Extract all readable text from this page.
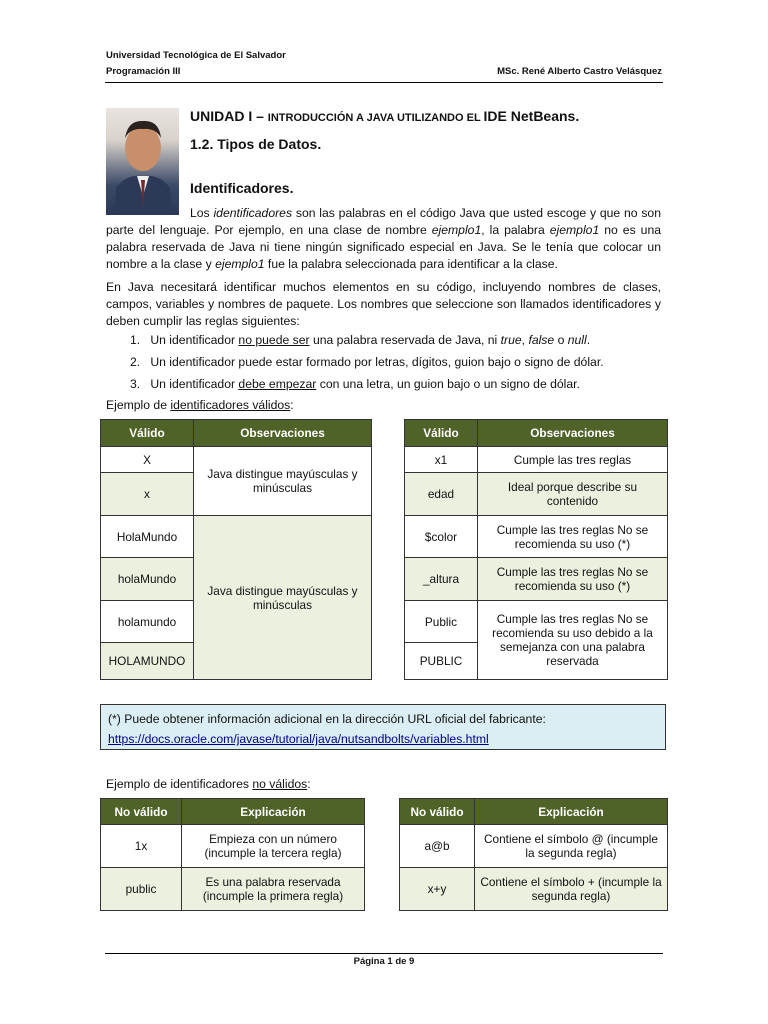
Universidad Tecnológica de El Salvador
Programación III	MSc. René Alberto Castro Velásquez
UNIDAD I – INTRODUCCIÓN A JAVA UTILIZANDO EL IDE NetBeans.
1.2. Tipos de Datos.
Identificadores.
Los identificadores son las palabras en el código Java que usted escoge y que no son parte del lenguaje. Por ejemplo, en una clase de nombre ejemplo1, la palabra ejemplo1 no es una palabra reservada de Java ni tiene ningún significado especial en Java. Se le tenía que colocar un nombre a la clase y ejemplo1 fue la palabra seleccionada para identificar a la clase.
En Java necesitará identificar muchos elementos en su código, incluyendo nombres de clases, campos, variables y nombres de paquete. Los nombres que seleccione son llamados identificadores y deben cumplir las reglas siguientes:
1. Un identificador no puede ser una palabra reservada de Java, ni true, false o null.
2. Un identificador puede estar formado por letras, dígitos, guion bajo o signo de dólar.
3. Un identificador debe empezar con una letra, un guion bajo o un signo de dólar.
Ejemplo de identificadores válidos:
Válido	Observaciones
X	Java distingue mayúsculas y minúsculas
x	
HolaMundo	Java distingue mayúsculas y minúsculas
holaMundo	
holamundo	
HOLAMUNDO	
Válido	Observaciones
x1	Cumple las tres reglas
edad	Ideal porque describe su contenido
$color	Cumple las tres reglas No se recomienda su uso (*)
_altura	Cumple las tres reglas No se recomienda su uso (*)
Public	Cumple las tres reglas No se recomienda su uso debido a la semejanza con una palabra reservada
PUBLIC	
(*) Puede obtener información adicional en la dirección URL oficial del fabricante:
https://docs.oracle.com/javase/tutorial/java/nutsandbolts/variables.html
Ejemplo de identificadores no válidos:
No válido	Explicación
1x	Empieza con un número (incumple la tercera regla)
public	Es una palabra reservada (incumple la primera regla)
No válido	Explicación
a@b	Contiene el símbolo @ (incumple la segunda regla)
x+y	Contiene el símbolo + (incumple la segunda regla)
Página 1 de 9
